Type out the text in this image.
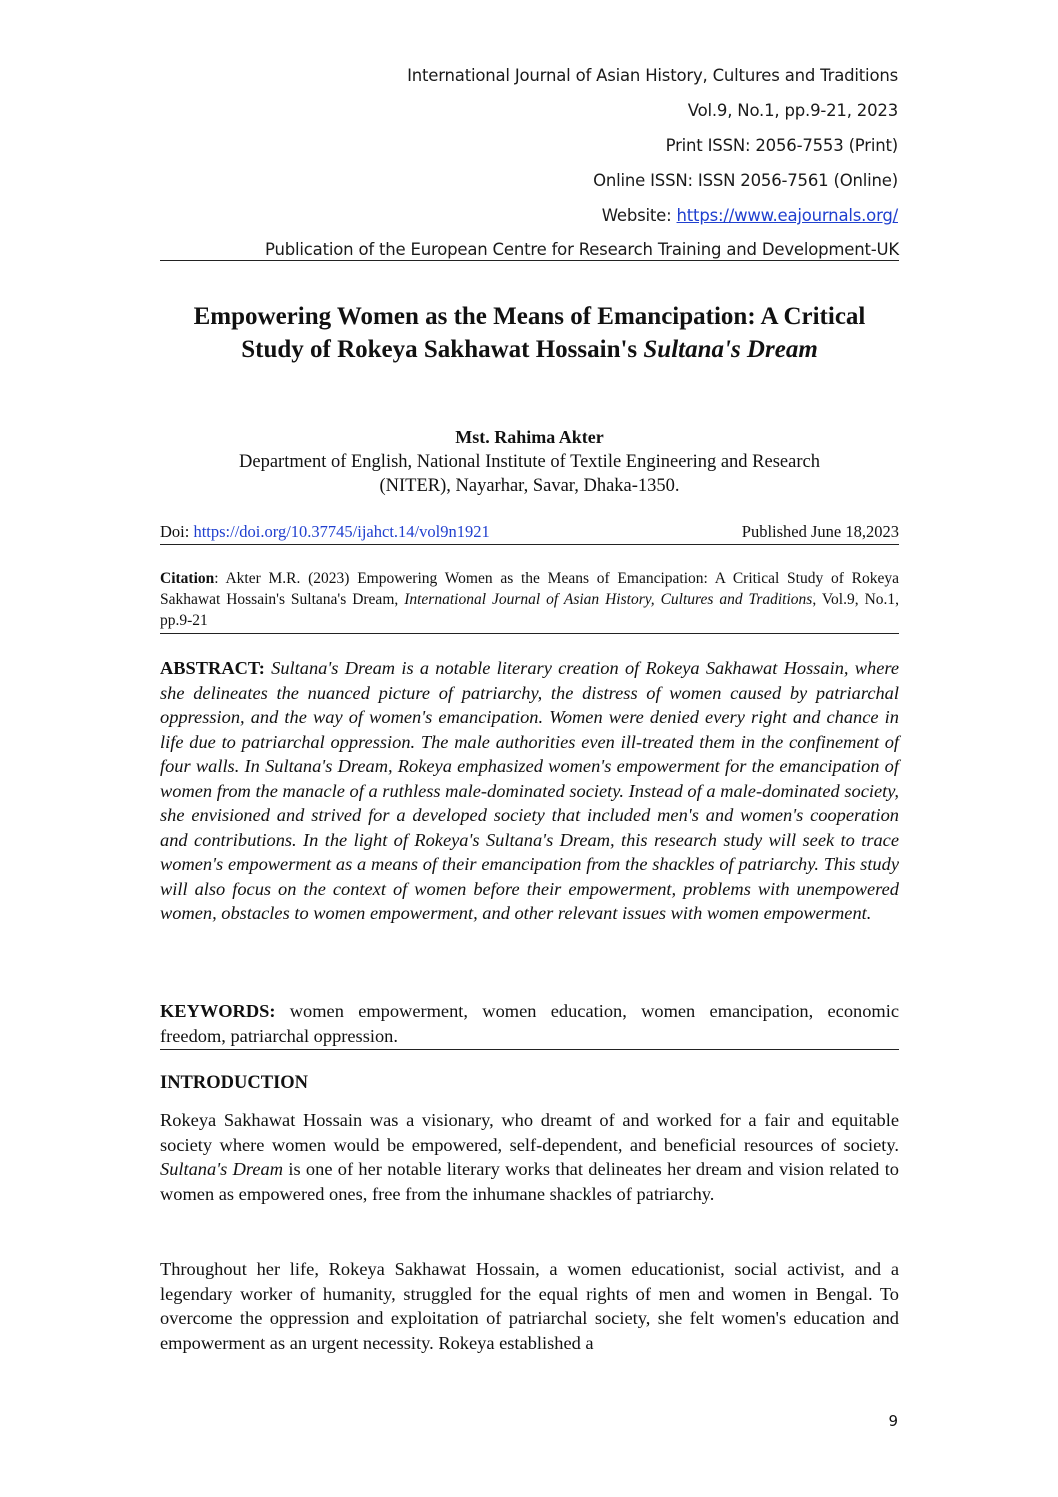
International Journal of Asian History, Cultures and Traditions
Vol.9, No.1, pp.9-21, 2023
Print ISSN: 2056-7553 (Print)
Online ISSN: ISSN 2056-7561 (Online)
Website: https://www.eajournals.org/
Publication of the European Centre for Research Training and Development-UK
Empowering Women as the Means of Emancipation: A Critical Study of Rokeya Sakhawat Hossain's Sultana's Dream
Mst. Rahima Akter
Department of English, National Institute of Textile Engineering and Research
(NITER), Nayarhar, Savar, Dhaka-1350.
Doi: https://doi.org/10.37745/ijahct.14/vol9n1921	Published June 18,2023
Citation: Akter M.R. (2023) Empowering Women as the Means of Emancipation: A Critical Study of Rokeya Sakhawat Hossain's Sultana's Dream, International Journal of Asian History, Cultures and Traditions, Vol.9, No.1, pp.9-21
ABSTRACT: Sultana's Dream is a notable literary creation of Rokeya Sakhawat Hossain, where she delineates the nuanced picture of patriarchy, the distress of women caused by patriarchal oppression, and the way of women's emancipation. Women were denied every right and chance in life due to patriarchal oppression. The male authorities even ill-treated them in the confinement of four walls. In Sultana's Dream, Rokeya emphasized women's empowerment for the emancipation of women from the manacle of a ruthless male-dominated society. Instead of a male-dominated society, she envisioned and strived for a developed society that included men's and women's cooperation and contributions. In the light of Rokeya's Sultana's Dream, this research study will seek to trace women's empowerment as a means of their emancipation from the shackles of patriarchy. This study will also focus on the context of women before their empowerment, problems with unempowered women, obstacles to women empowerment, and other relevant issues with women empowerment.
KEYWORDS: women empowerment, women education, women emancipation, economic freedom, patriarchal oppression.
INTRODUCTION
Rokeya Sakhawat Hossain was a visionary, who dreamt of and worked for a fair and equitable society where women would be empowered, self-dependent, and beneficial resources of society. Sultana's Dream is one of her notable literary works that delineates her dream and vision related to women as empowered ones, free from the inhumane shackles of patriarchy.
Throughout her life, Rokeya Sakhawat Hossain, a women educationist, social activist, and a legendary worker of humanity, struggled for the equal rights of men and women in Bengal. To overcome the oppression and exploitation of patriarchal society, she felt women's education and empowerment as an urgent necessity. Rokeya established a
9
